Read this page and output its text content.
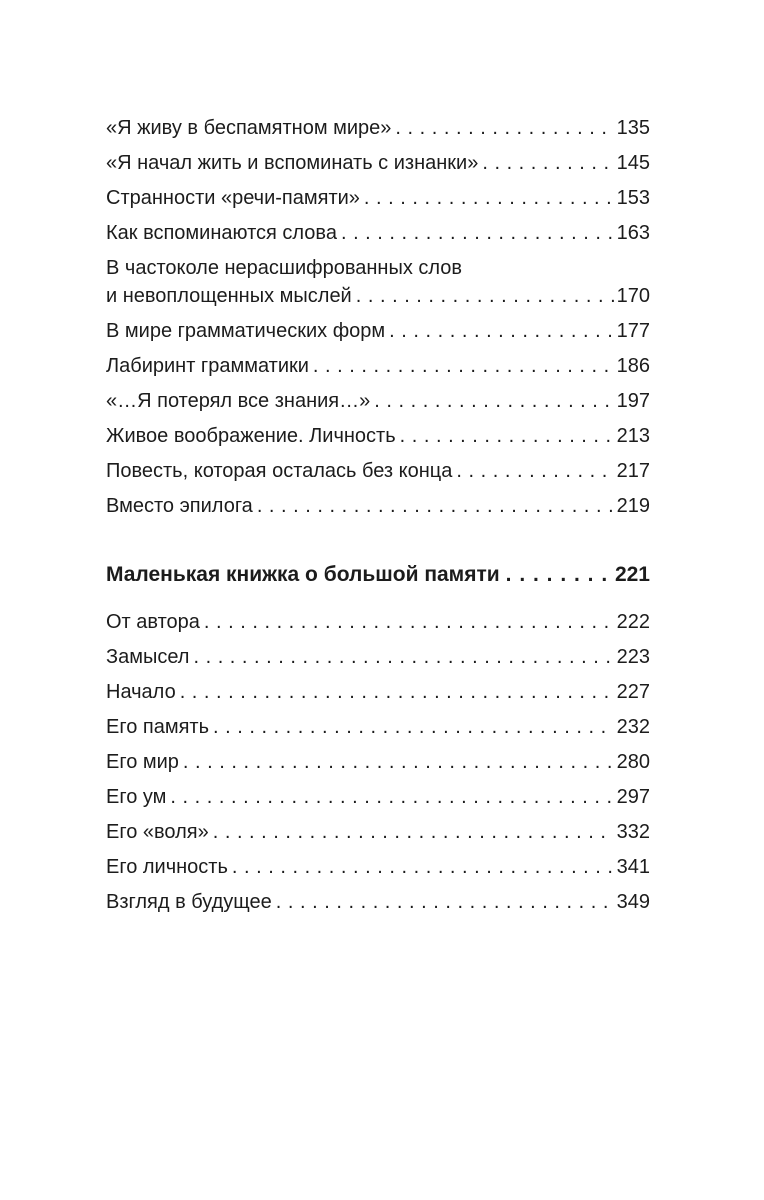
«Я живу в беспамятном мире» . . .	135
«Я начал жить и вспоминать с изнанки» . . .	145
Странности «речи-памяти» . . .	153
Как вспоминаются слова . . .	163
В частоколе нерасшифрованных слов
и невоплощенных мыслей . . .	170
В мире грамматических форм . . .	177
Лабиринт грамматики . . .	186
«…Я потерял все знания…» . . .	197
Живое воображение. Личность . . .	213
Повесть, которая осталась без конца . . .	217
Вместо эпилога . . .	219
Маленькая книжка о большой памяти . . .	221
От автора . . .	222
Замысел . . .	223
Начало . . .	227
Его память . . .	232
Его мир . . .	280
Его ум . . .	297
Его «воля» . . .	332
Его личность . . .	341
Взгляд в будущее . . .	349
